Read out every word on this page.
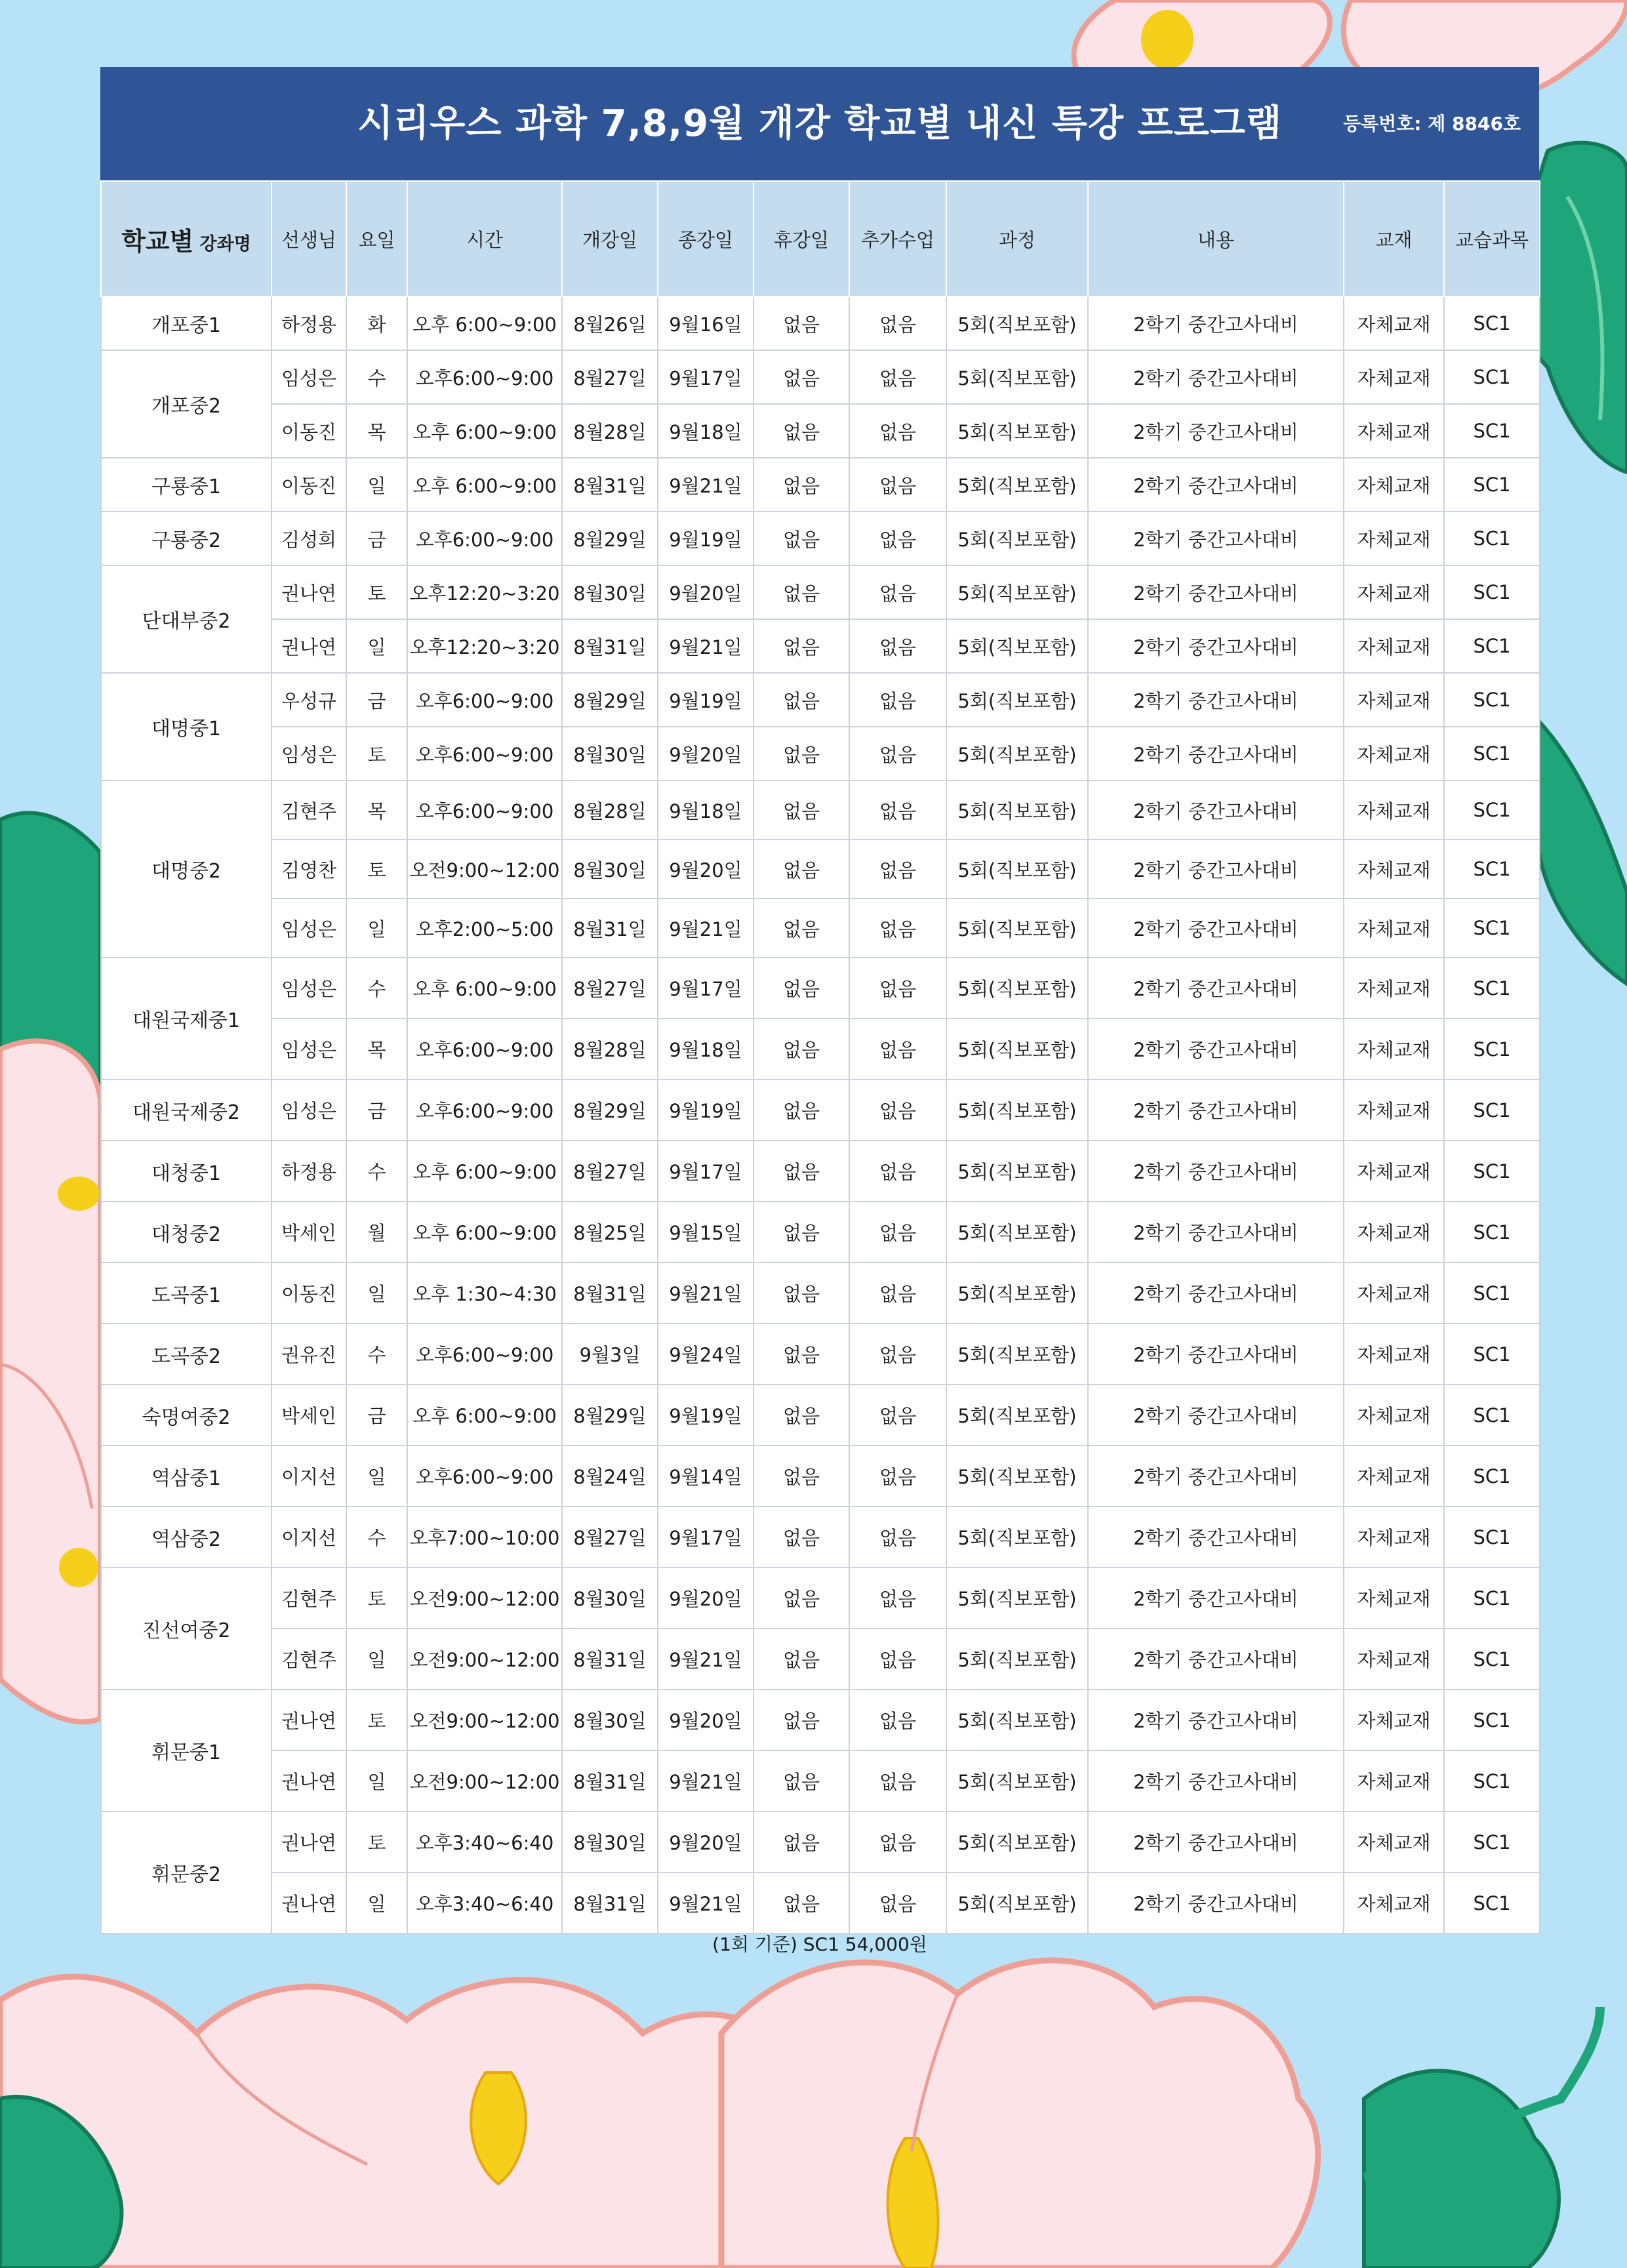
시리우스 과학 7,8,9월 개강 학교별 내신 특강 프로그램	등록번호: 제 8846호
학교별 강좌명	선생님	요일	시간	개강일	종강일	휴강일	추가수업	과정	내용	교재	교습과목
개포중1	하정용	화	오후 6:00~9:00	8월26일	9월16일	없음	없음	5회(직보포함)	2학기 중간고사대비	자체교재	SC1
개포중2	임성은	수	오후6:00~9:00	8월27일	9월17일	없음	없음	5회(직보포함)	2학기 중간고사대비	자체교재	SC1
	이동진	목	오후 6:00~9:00	8월28일	9월18일	없음	없음	5회(직보포함)	2학기 중간고사대비	자체교재	SC1
구룡중1	이동진	일	오후 6:00~9:00	8월31일	9월21일	없음	없음	5회(직보포함)	2학기 중간고사대비	자체교재	SC1
구룡중2	김성희	금	오후6:00~9:00	8월29일	9월19일	없음	없음	5회(직보포함)	2학기 중간고사대비	자체교재	SC1
단대부중2	권나연	토	오후12:20~3:20	8월30일	9월20일	없음	없음	5회(직보포함)	2학기 중간고사대비	자체교재	SC1
	권나연	일	오후12:20~3:20	8월31일	9월21일	없음	없음	5회(직보포함)	2학기 중간고사대비	자체교재	SC1
대명중1	우성규	금	오후6:00~9:00	8월29일	9월19일	없음	없음	5회(직보포함)	2학기 중간고사대비	자체교재	SC1
	임성은	토	오후6:00~9:00	8월30일	9월20일	없음	없음	5회(직보포함)	2학기 중간고사대비	자체교재	SC1
대명중2	김현주	목	오후6:00~9:00	8월28일	9월18일	없음	없음	5회(직보포함)	2학기 중간고사대비	자체교재	SC1
	김영찬	토	오전9:00~12:00	8월30일	9월20일	없음	없음	5회(직보포함)	2학기 중간고사대비	자체교재	SC1
	임성은	일	오후2:00~5:00	8월31일	9월21일	없음	없음	5회(직보포함)	2학기 중간고사대비	자체교재	SC1
대원국제중1	임성은	수	오후 6:00~9:00	8월27일	9월17일	없음	없음	5회(직보포함)	2학기 중간고사대비	자체교재	SC1
	임성은	목	오후6:00~9:00	8월28일	9월18일	없음	없음	5회(직보포함)	2학기 중간고사대비	자체교재	SC1
대원국제중2	임성은	금	오후6:00~9:00	8월29일	9월19일	없음	없음	5회(직보포함)	2학기 중간고사대비	자체교재	SC1
대청중1	하정용	수	오후 6:00~9:00	8월27일	9월17일	없음	없음	5회(직보포함)	2학기 중간고사대비	자체교재	SC1
대청중2	박세인	월	오후 6:00~9:00	8월25일	9월15일	없음	없음	5회(직보포함)	2학기 중간고사대비	자체교재	SC1
도곡중1	이동진	일	오후 1:30~4:30	8월31일	9월21일	없음	없음	5회(직보포함)	2학기 중간고사대비	자체교재	SC1
도곡중2	권유진	수	오후6:00~9:00	9월3일	9월24일	없음	없음	5회(직보포함)	2학기 중간고사대비	자체교재	SC1
숙명여중2	박세인	금	오후 6:00~9:00	8월29일	9월19일	없음	없음	5회(직보포함)	2학기 중간고사대비	자체교재	SC1
역삼중1	이지선	일	오후6:00~9:00	8월24일	9월14일	없음	없음	5회(직보포함)	2학기 중간고사대비	자체교재	SC1
역삼중2	이지선	수	오후7:00~10:00	8월27일	9월17일	없음	없음	5회(직보포함)	2학기 중간고사대비	자체교재	SC1
진선여중2	김현주	토	오전9:00~12:00	8월30일	9월20일	없음	없음	5회(직보포함)	2학기 중간고사대비	자체교재	SC1
	김현주	일	오전9:00~12:00	8월31일	9월21일	없음	없음	5회(직보포함)	2학기 중간고사대비	자체교재	SC1
휘문중1	권나연	토	오전9:00~12:00	8월30일	9월20일	없음	없음	5회(직보포함)	2학기 중간고사대비	자체교재	SC1
	권나연	일	오전9:00~12:00	8월31일	9월21일	없음	없음	5회(직보포함)	2학기 중간고사대비	자체교재	SC1
휘문중2	권나연	토	오후3:40~6:40	8월30일	9월20일	없음	없음	5회(직보포함)	2학기 중간고사대비	자체교재	SC1
	권나연	일	오후3:40~6:40	8월31일	9월21일	없음	없음	5회(직보포함)	2학기 중간고사대비	자체교재	SC1
(1회 기준) SC1 54,000원
